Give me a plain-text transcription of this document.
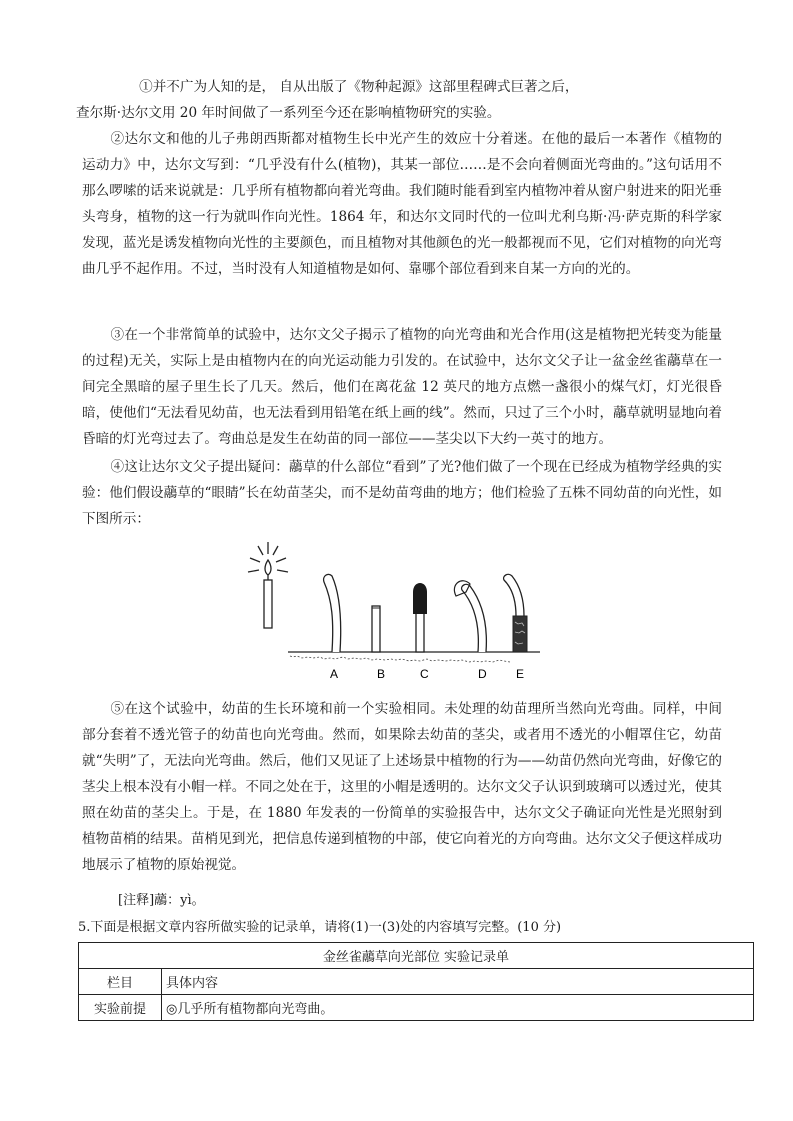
①并不广为人知的是， 自从出版了《物种起源》这部里程碑式巨著之后，

查尔斯·达尔文用 20 年时间做了一系列至今还在影响植物研究的实验。

②达尔文和他的儿子弗朗西斯都对植物生长中光产生的效应十分着迷。在他的最后一本著作《植物的运动力》中，达尔文写到：“几乎没有什么(植物)，其某一部位……是不会向着侧面光弯曲的。”这句话用不那么啰嗦的话来说就是：几乎所有植物都向着光弯曲。我们随时能看到室内植物冲着从窗户射进来的阳光垂头弯身，植物的这一行为就叫作向光性。1864 年，和达尔文同时代的一位叫尤利乌斯·冯·萨克斯的科学家发现，蓝光是诱发植物向光性的主要颜色，而且植物对其他颜色的光一般都视而不见，它们对植物的向光弯曲几乎不起作用。不过，当时没有人知道植物是如何、靠哪个部位看到来自某一方向的光的。

③在一个非常简单的试验中，达尔文父子揭示了植物的向光弯曲和光合作用(这是植物把光转变为能量的过程)无关，实际上是由植物内在的向光运动能力引发的。在试验中，达尔文父子让一盆金丝雀虉草在一间完全黑暗的屋子里生长了几天。然后，他们在离花盆 12 英尺的地方点燃一盏很小的煤气灯，灯光很昏暗，使他们“无法看见幼苗，也无法看到用铅笔在纸上画的线”。然而，只过了三个小时，虉草就明显地向着昏暗的灯光弯过去了。弯曲总是发生在幼苗的同一部位——茎尖以下大约一英寸的地方。

④这让达尔文父子提出疑问：虉草的什么部位“看到”了光?他们做了一个现在已经成为植物学经典的实验：他们假设虉草的“眼睛”长在幼苗茎尖，而不是幼苗弯曲的地方；他们检验了五株不同幼苗的向光性，如下图所示：

A	B	C	D E

⑤在这个试验中，幼苗的生长环境和前一个实验相同。未处理的幼苗理所当然向光弯曲。同样，中间部分套着不透光管子的幼苗也向光弯曲。然而，如果除去幼苗的茎尖，或者用不透光的小帽罩住它，幼苗就“失明”了，无法向光弯曲。然后，他们又见证了上述场景中植物的行为——幼苗仍然向光弯曲，好像它的茎尖上根本没有小帽一样。不同之处在于，这里的小帽是透明的。达尔文父子认识到玻璃可以透过光，使其照在幼苗的茎尖上。于是，在 1880 年发表的一份简单的实验报告中，达尔文父子确证向光性是光照射到植物苗梢的结果。苗梢见到光，把信息传递到植物的中部，使它向着光的方向弯曲。达尔文父子便这样成功地展示了植物的原始视觉。

[注释]虉：yì。
5.下面是根据文章内容所做实验的记录单，请将(1)一(3)处的内容填写完整。(10 分)
金丝雀虉草向光部位 实验记录单	
栏目	具体内容
实验前提	◎几乎所有植物都向光弯曲。
